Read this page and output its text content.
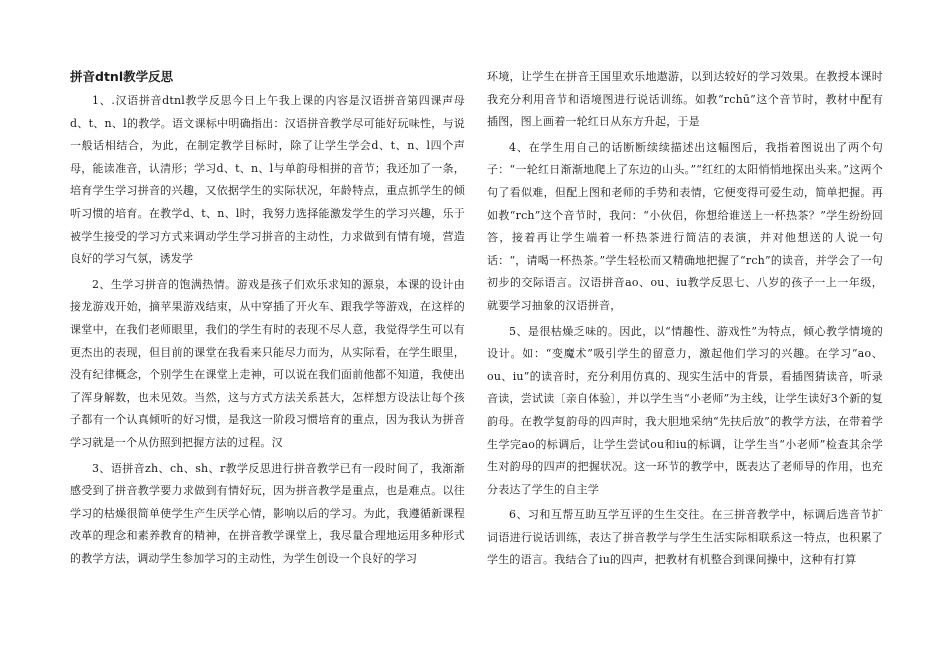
拼音dtnl教学反思

1、.汉语拼音dtnl教学反思今日上午我上课的内容是汉语拼音第四课声母d、t、n、l的教学。语文课标中明确指出：汉语拼音教学尽可能好玩味性，与说一般话相结合，为此，在制定教学目标时，除了让学生学会d、t、n、l四个声母，能读准音，认清形；学习d、t、n、l与单韵母相拼的音节；我还加了一条，培育学生学习拼音的兴趣，又依据学生的实际状况，年龄特点，重点抓学生的倾听习惯的培育。在教学d、t、n、l时，我努力选择能激发学生的学习兴趣，乐于被学生接受的学习方式来调动学生学习拼音的主动性，力求做到有情有境，营造良好的学习气氛，诱发学

2、生学习拼音的饱满热情。游戏是孩子们欢乐求知的源泉，本课的设计由接龙游戏开始，摘苹果游戏结束，从中穿插了开火车、跟我学等游戏，在这样的课堂中，在我们老师眼里，我们的学生有时的表现不尽人意，我觉得学生可以有更杰出的表现，但目前的课堂在我看来只能尽力而为，从实际看，在学生眼里，没有纪律概念，个别学生在课堂上走神，可以说在我们面前他都不知道，我使出了浑身解数，也未见效。当然，这与方式方法关系甚大，怎样想方设法让每个孩子都有一个认真倾听的好习惯，是我这一阶段习惯培育的重点，因为我认为拼音学习就是一个从仿照到把握方法的过程。汉

3、语拼音zh、ch、sh、r教学反思进行拼音教学已有一段时间了，我渐渐感受到了拼音教学要力求做到有情好玩，因为拼音教学是重点，也是难点。以往学习的枯燥很简单使学生产生厌学心情，影响以后的学习。为此，我遵循新课程改革的理念和素养教育的精神，在拼音教学课堂上，我尽量合理地运用多种形式的教学方法，调动学生参加学习的主动性，为学生创设一个良好的学习

环境，让学生在拼音王国里欢乐地遨游，以到达较好的学习效果。在教授本课时我充分利用音节和语境图进行说话训练。如教“rchū”这个音节时，教材中配有插图，图上画着一轮红日从东方升起，于是

4、在学生用自己的话断断续续描述出这幅图后，我指着图说出了两个句子：“一轮红日渐渐地爬上了东边的山头。”“红红的太阳悄悄地探出头来。”这两个句了看似难，但配上图和老师的手势和表情，它便变得可爱生动，简单把握。再如教“rch”这个音节时，我问：“小伙侣，你想给谁送上一杯热茶？”学生纷纷回答，接着再让学生端着一杯热茶进行简洁的表演，并对他想送的人说一句话：“，请喝一杯热茶。”学生轻松而又精确地把握了“rch”的读音，并学会了一句初步的交际语言。汉语拼音ao、ou、iu教学反思七、八岁的孩子一上一年级，就要学习抽象的汉语拼音，

5、是很枯燥乏味的。因此，以“情趣性、游戏性”为特点，倾心教学情境的设计。如：“变魔术”吸引学生的留意力，激起他们学习的兴趣。在学习“ao、ou、iu”的读音时，充分利用仿真的、现实生活中的背景，看插图猜读音，听录音读，尝试读〔亲自体验〕，并以学生当“小老师”为主线，让学生读好3个新的复韵母。在教学复韵母的四声时，我大胆地采纳“先扶后放”的教学方法，在带着学生学完ao的标调后，让学生尝试ou和iu的标调，让学生当“小老师”检查其余学生对韵母的四声的把握状况。这一环节的教学中，既表达了老师导的作用，也充分表达了学生的自主学

6、习和互帮互助互学互评的生生交往。在三拼音教学中，标调后选音节扩词语进行说话训练，表达了拼音教学与学生生活实际相联系这一特点，也积累了学生的语言。我结合了iu的四声，把教材有机整合到课间操中，这种有打算
